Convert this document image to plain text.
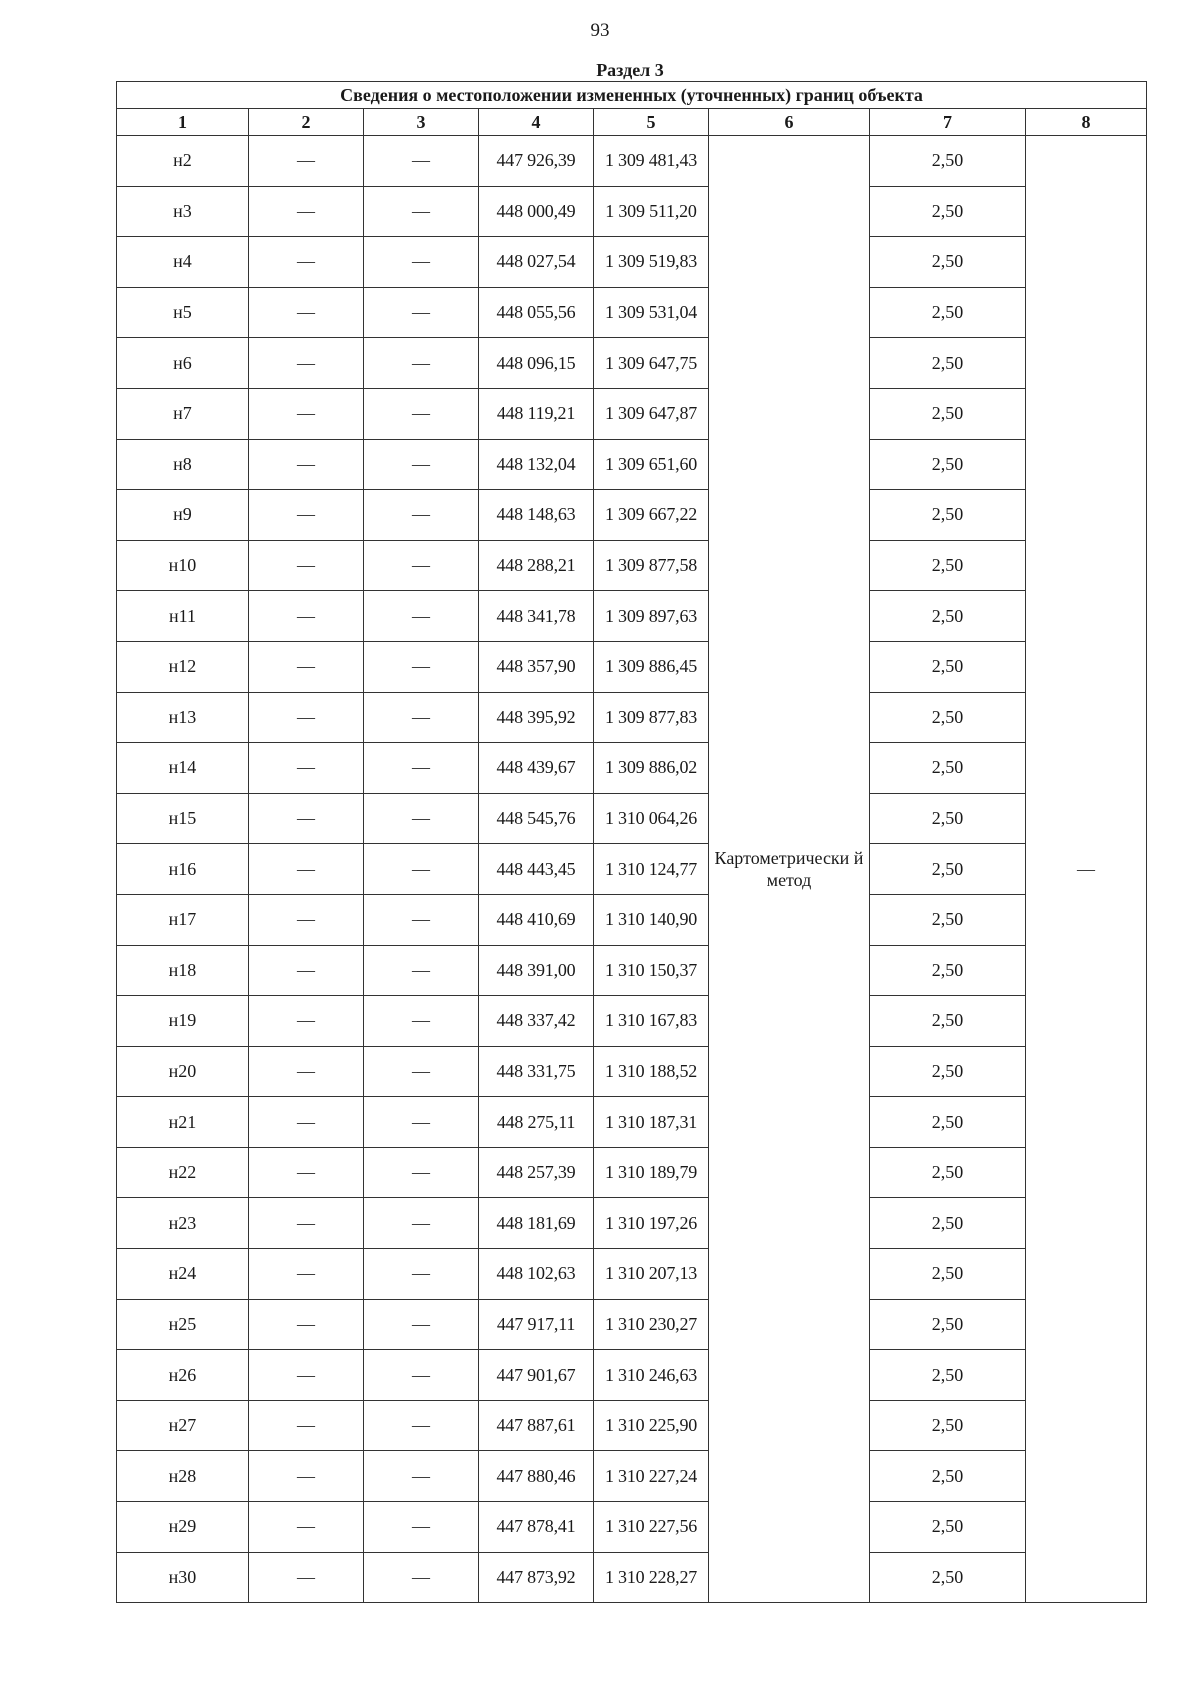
93
Раздел 3
Сведения о местоположении измененных (уточненных) границ объекта							
1	2	3	4	5	6	7	8
н2	—	—	447 926,39	1 309 481,43	Картометрически й метод	2,50	—
н3	—	—	448 000,49	1 309 511,20		2,50	
н4	—	—	448 027,54	1 309 519,83		2,50	
н5	—	—	448 055,56	1 309 531,04		2,50	
н6	—	—	448 096,15	1 309 647,75		2,50	
н7	—	—	448 119,21	1 309 647,87		2,50	
н8	—	—	448 132,04	1 309 651,60		2,50	
н9	—	—	448 148,63	1 309 667,22		2,50	
н10	—	—	448 288,21	1 309 877,58		2,50	
н11	—	—	448 341,78	1 309 897,63		2,50	
н12	—	—	448 357,90	1 309 886,45		2,50	
н13	—	—	448 395,92	1 309 877,83		2,50	
н14	—	—	448 439,67	1 309 886,02		2,50	
н15	—	—	448 545,76	1 310 064,26		2,50	
н16	—	—	448 443,45	1 310 124,77		2,50	
н17	—	—	448 410,69	1 310 140,90		2,50	
н18	—	—	448 391,00	1 310 150,37		2,50	
н19	—	—	448 337,42	1 310 167,83		2,50	
н20	—	—	448 331,75	1 310 188,52		2,50	
н21	—	—	448 275,11	1 310 187,31		2,50	
н22	—	—	448 257,39	1 310 189,79		2,50	
н23	—	—	448 181,69	1 310 197,26		2,50	
н24	—	—	448 102,63	1 310 207,13		2,50	
н25	—	—	447 917,11	1 310 230,27		2,50	
н26	—	—	447 901,67	1 310 246,63		2,50	
н27	—	—	447 887,61	1 310 225,90		2,50	
н28	—	—	447 880,46	1 310 227,24		2,50	
н29	—	—	447 878,41	1 310 227,56		2,50	
н30	—	—	447 873,92	1 310 228,27		2,50	
